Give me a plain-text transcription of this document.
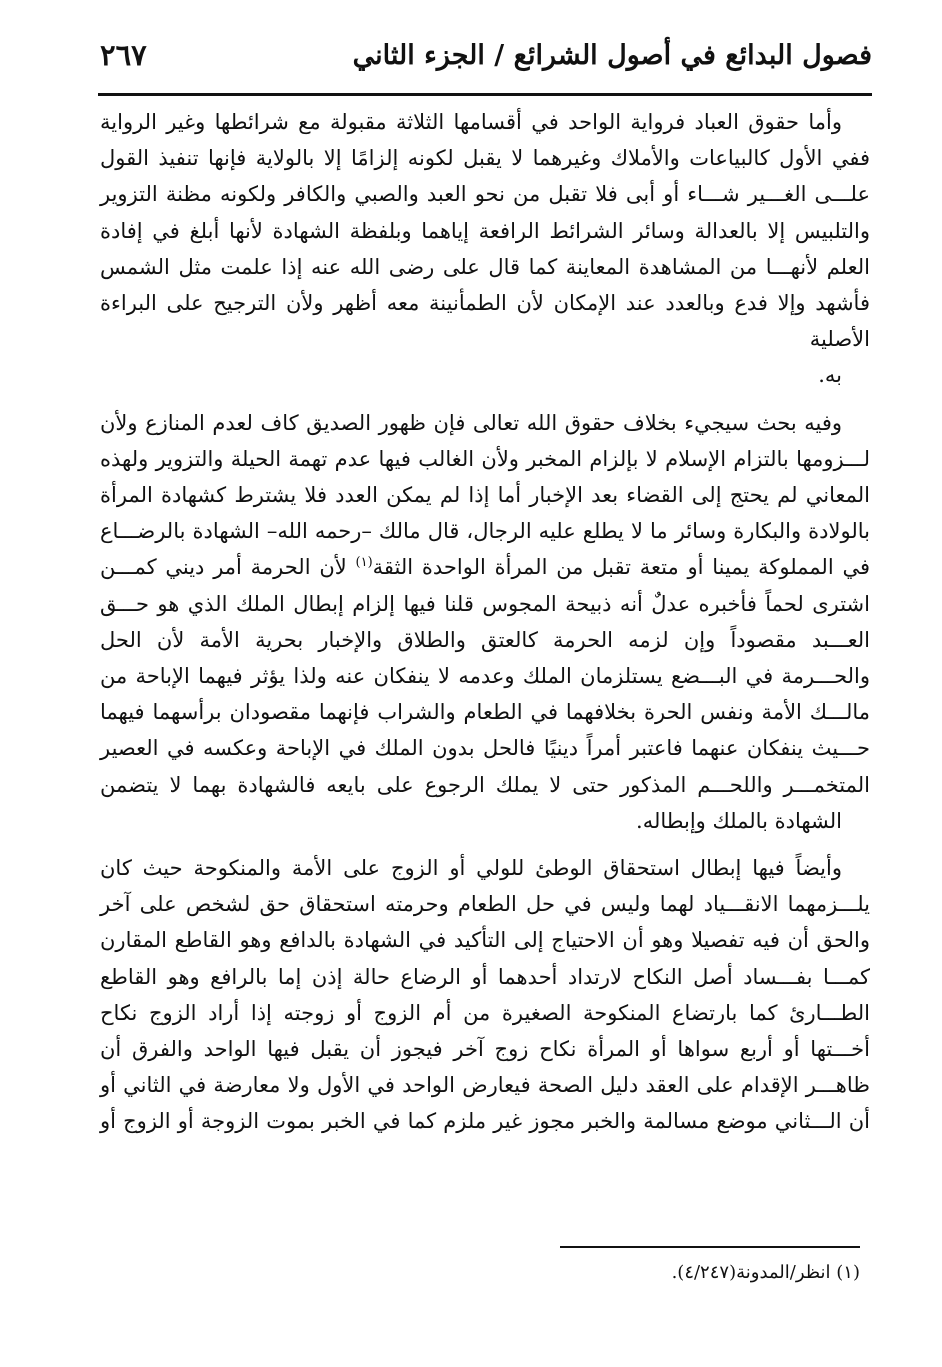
فصول البدائع في أصول الشرائع / الجزء الثاني
٢٦٧

وأما حقوق العباد فرواية الواحد في أقسامها الثلاثة مقبولة مع شرائطها وغير الرواية ففي الأول كالبياعات والأملاك وغيرهما لا يقبل لكونه إلزامًا إلا بالولاية فإنها تنفيذ القول علـــى الغـــير شـــاء أو أبى فلا تقبل من نحو العبد والصبي والكافر ولكونه مظنة التزوير والتلبيس إلا بالعدالة وسائر الشرائط الرافعة إياهما وبلفظة الشهادة لأنها أبلغ في إفادة العلم لأنهـــا من المشاهدة المعاينة كما قال على رضى الله عنه إذا علمت مثل الشمس فأشهد وإلا فدع وبالعدد عند الإمكان لأن الطمأنينة معه أظهر ولأن الترجيح على البراءة الأصلية
به.

وفيه بحث سيجيء بخلاف حقوق الله تعالى فإن ظهور الصديق كاف لعدم المنازع ولأن لـــزومها بالتزام الإسلام لا بإلزام المخبر ولأن الغالب فيها عدم تهمة الحيلة والتزوير ولهذه المعاني لم يحتج إلى القضاء بعد الإخبار أما إذا لم يمكن العدد فلا يشترط كشهادة المرأة بالولادة والبكارة وسائر ما لا يطلع عليه الرجال، قال مالك –رحمه الله– الشهادة بالرضـــاع في المملوكة يمينا أو متعة تقبل من المرأة الواحدة الثقة$^{(١)}$ لأن الحرمة أمر ديني كمـــن اشترى لحماً فأخبره عدلٌ أنه ذبيحة المجوس قلنا فيها إلزام إبطال الملك الذي هو حـــق العـــبد مقصوداً وإن لزمه الحرمة كالعتق والطلاق والإخبار بحرية الأمة لأن الحل والحـــرمة في البـــضع يستلزمان الملك وعدمه لا ينفكان عنه ولذا يؤثر فيهما الإباحة من مالـــك الأمة ونفس الحرة بخلافهما في الطعام والشراب فإنهما مقصودان برأسهما فيهما حـــيث ينفكان عنهما فاعتبر أمراً دينيًا فالحل بدون الملك في الإباحة وعكسه في العصير المتخمـــر واللحـــم المذكور حتى لا يملك الرجوع على بايعه فالشهادة بهما لا يتضمن
الشهادة بالملك وإبطاله.

وأيضاً فيها إبطال استحقاق الوطئ للولي أو الزوج على الأمة والمنكوحة حيث كان يلـــزمهما الانقـــياد لهما وليس في حل الطعام وحرمته استحقاق حق لشخص على آخر والحق أن فيه تفصيلا وهو أن الاحتياج إلى التأكيد في الشهادة بالدافع وهو القاطع المقارن كمـــا بفـــساد أصل النكاح لارتداد أحدهما أو الرضاع حالة إذن إما بالرافع وهو القاطع الطـــارئ كما بارتضاع المنكوحة الصغيرة من أم الزوج أو زوجته إذا أراد الزوج نكاح أخـــتها أو أربع سواها أو المرأة نكاح زوج آخر فيجوز أن يقبل فيها الواحد والفرق أن ظاهـــر الإقدام على العقد دليل الصحة فيعارض الواحد في الأول ولا معارضة في الثاني أو أن الـــثاني موضع مسالمة والخبر مجوز غير ملزم كما في الخبر بموت الزوجة أو الزوج أو

(١) انظر/المدونة(٤/٢٤٧).
